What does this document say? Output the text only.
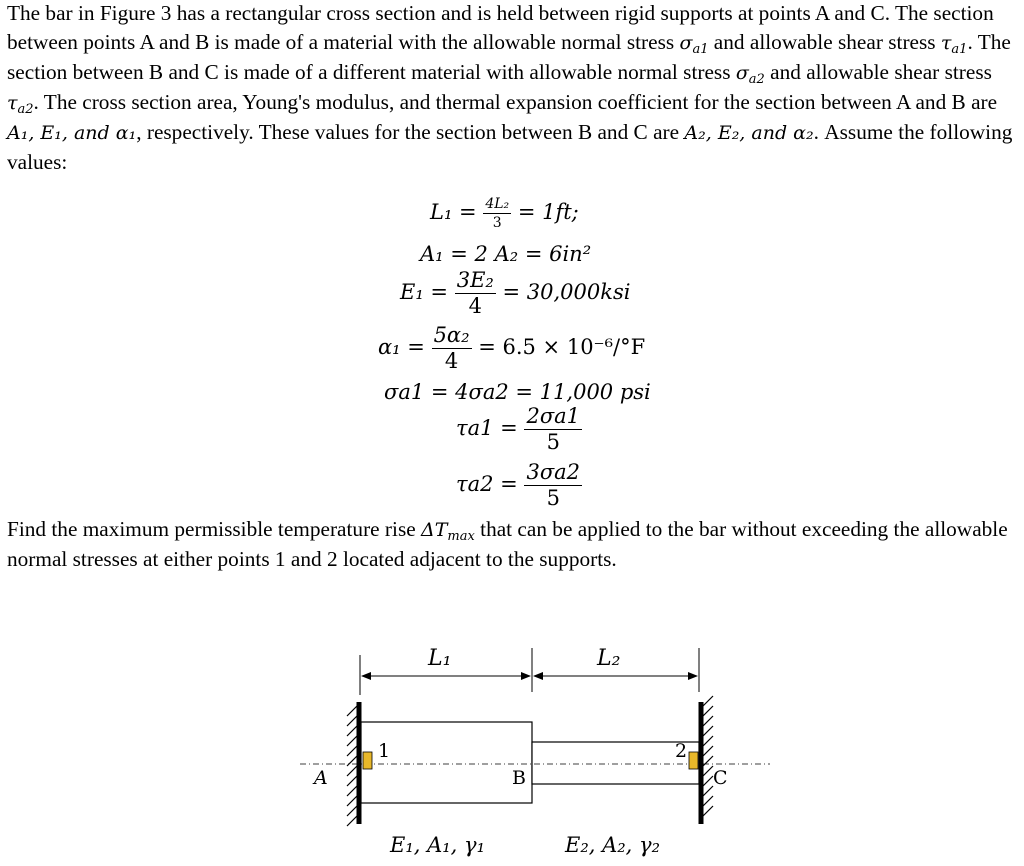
The bar in Figure 3 has a rectangular cross section and is held between rigid supports at points A and C. The section between points A and B is made of a material with the allowable normal stress $\sigma_{a1}$ and allowable shear stress $\tau_{a1}$. The section between B and C is made of a different material with allowable normal stress $\sigma_{a2}$ and allowable shear stress $\tau_{a2}$. The cross section area, Young's modulus, and thermal expansion coefficient for the section between A and B are A₁, E₁, and α₁, respectively. These values for the section between B and C are A₂, E₂, and α₂. Assume the following values:
$L_1 = \frac{\text{4L₂}}{3} = 1ft$;
A₁ = 2 A₂ = 6in²
$E_1 = \frac{\text{3E₂}}{4} = 30,000ksi$
$\alpha_1 = \frac{\text{5α₂}}{4} = 6.5 \times 10^{-6}/^\circ F$
σa1 = 4σa2 = 11,000 psi
$\tau a1 = \frac{2\sigma a1}{5}$
$\tau a2 = \frac{3\sigma a2}{5}$
Find the maximum permissible temperature rise $\Delta T_{max}$ that can be applied to the bar without exceeding the allowable normal stresses at either points 1 and 2 located adjacent to the supports.
L₁	L₂
1	2
A	B	C
E₁, A₁, γ₁	E₂, A₂, γ₂
